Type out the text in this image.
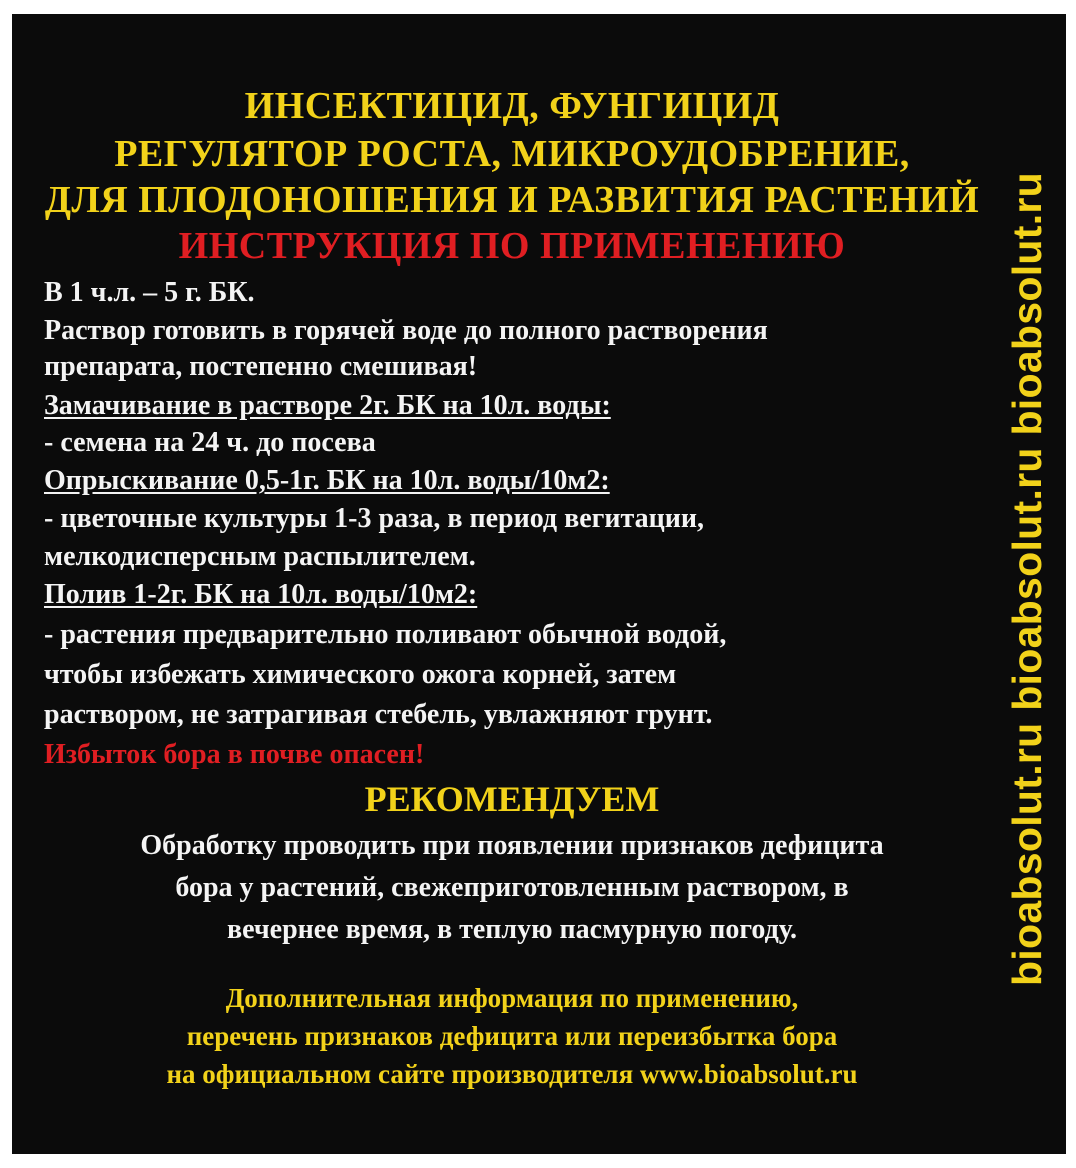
ИНСЕКТИЦИД, ФУНГИЦИД
РЕГУЛЯТОР РОСТА, МИКРОУДОБРЕНИЕ,
ДЛЯ ПЛОДОНОШЕНИЯ И РАЗВИТИЯ РАСТЕНИЙ
ИНСТРУКЦИЯ ПО ПРИМЕНЕНИЮ
В 1 ч.л. – 5 г. БК.
Раствор готовить в горячей воде до полного растворения
препарата, постепенно смешивая!
Замачивание в растворе 2г. БК на 10л. воды:
- семена на 24 ч. до посева
Опрыскивание 0,5-1г. БК на 10л. воды/10м2:
- цветочные культуры 1-3 раза, в период вегитации,
мелкодисперсным распылителем.
Полив 1-2г. БК на 10л. воды/10м2:
- растения предварительно поливают обычной водой,
чтобы избежать химического ожога корней, затем
раствором, не затрагивая стебель, увлажняют грунт.
Избыток бора в почве опасен!
РЕКОМЕНДУЕМ
Обработку проводить при появлении признаков дефицита
бора у растений, свежеприготовленным раствором, в
вечернее время, в теплую пасмурную погоду.
Дополнительная информация по применению,
перечень признаков дефицита или переизбытка бора
на официальном сайте производителя www.bioabsolut.ru
bioabsolut.ru bioabsolut.ru bioabsolut.ru
